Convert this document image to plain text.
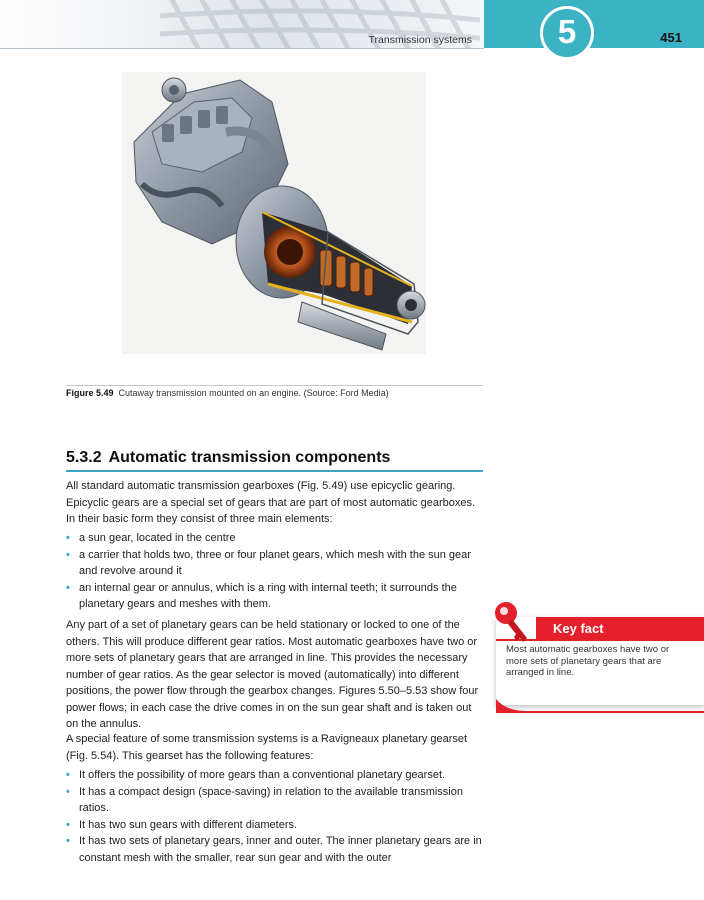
Transmission systems	5	451
Figure 5.49 Cutaway transmission mounted on an engine. (Source: Ford Media)
5.3.2 Automatic transmission components

All standard automatic transmission gearboxes (Fig. 5.49) use epicyclic gearing. Epicyclic gears are a special set of gears that are part of most automatic gearboxes. In their basic form they consist of three main elements:

• a sun gear, located in the centre
• a carrier that holds two, three or four planet gears, which mesh with the sun gear and revolve around it
• an internal gear or annulus, which is a ring with internal teeth; it surrounds the planetary gears and meshes with them.

Any part of a set of planetary gears can be held stationary or locked to one of the others. This will produce different gear ratios. Most automatic gearboxes have two or more sets of planetary gears that are arranged in line. This provides the necessary number of gear ratios. As the gear selector is moved (automatically) into different positions, the power flow through the gearbox changes. Figures 5.50–5.53 show four power flows; in each case the drive comes in on the sun gear shaft and is taken out on the annulus.

A special feature of some transmission systems is a Ravigneaux planetary gearset (Fig. 5.54). This gearset has the following features:

• It offers the possibility of more gears than a conventional planetary gearset.
• It has a compact design (space-saving) in relation to the available transmission ratios.
• It has two sun gears with different diameters.
• It has two sets of planetary gears, inner and outer. The inner planetary gears are in constant mesh with the smaller, rear sun gear and with the outer
Key fact
Most automatic gearboxes have two or more sets of planetary gears that are arranged in line.
